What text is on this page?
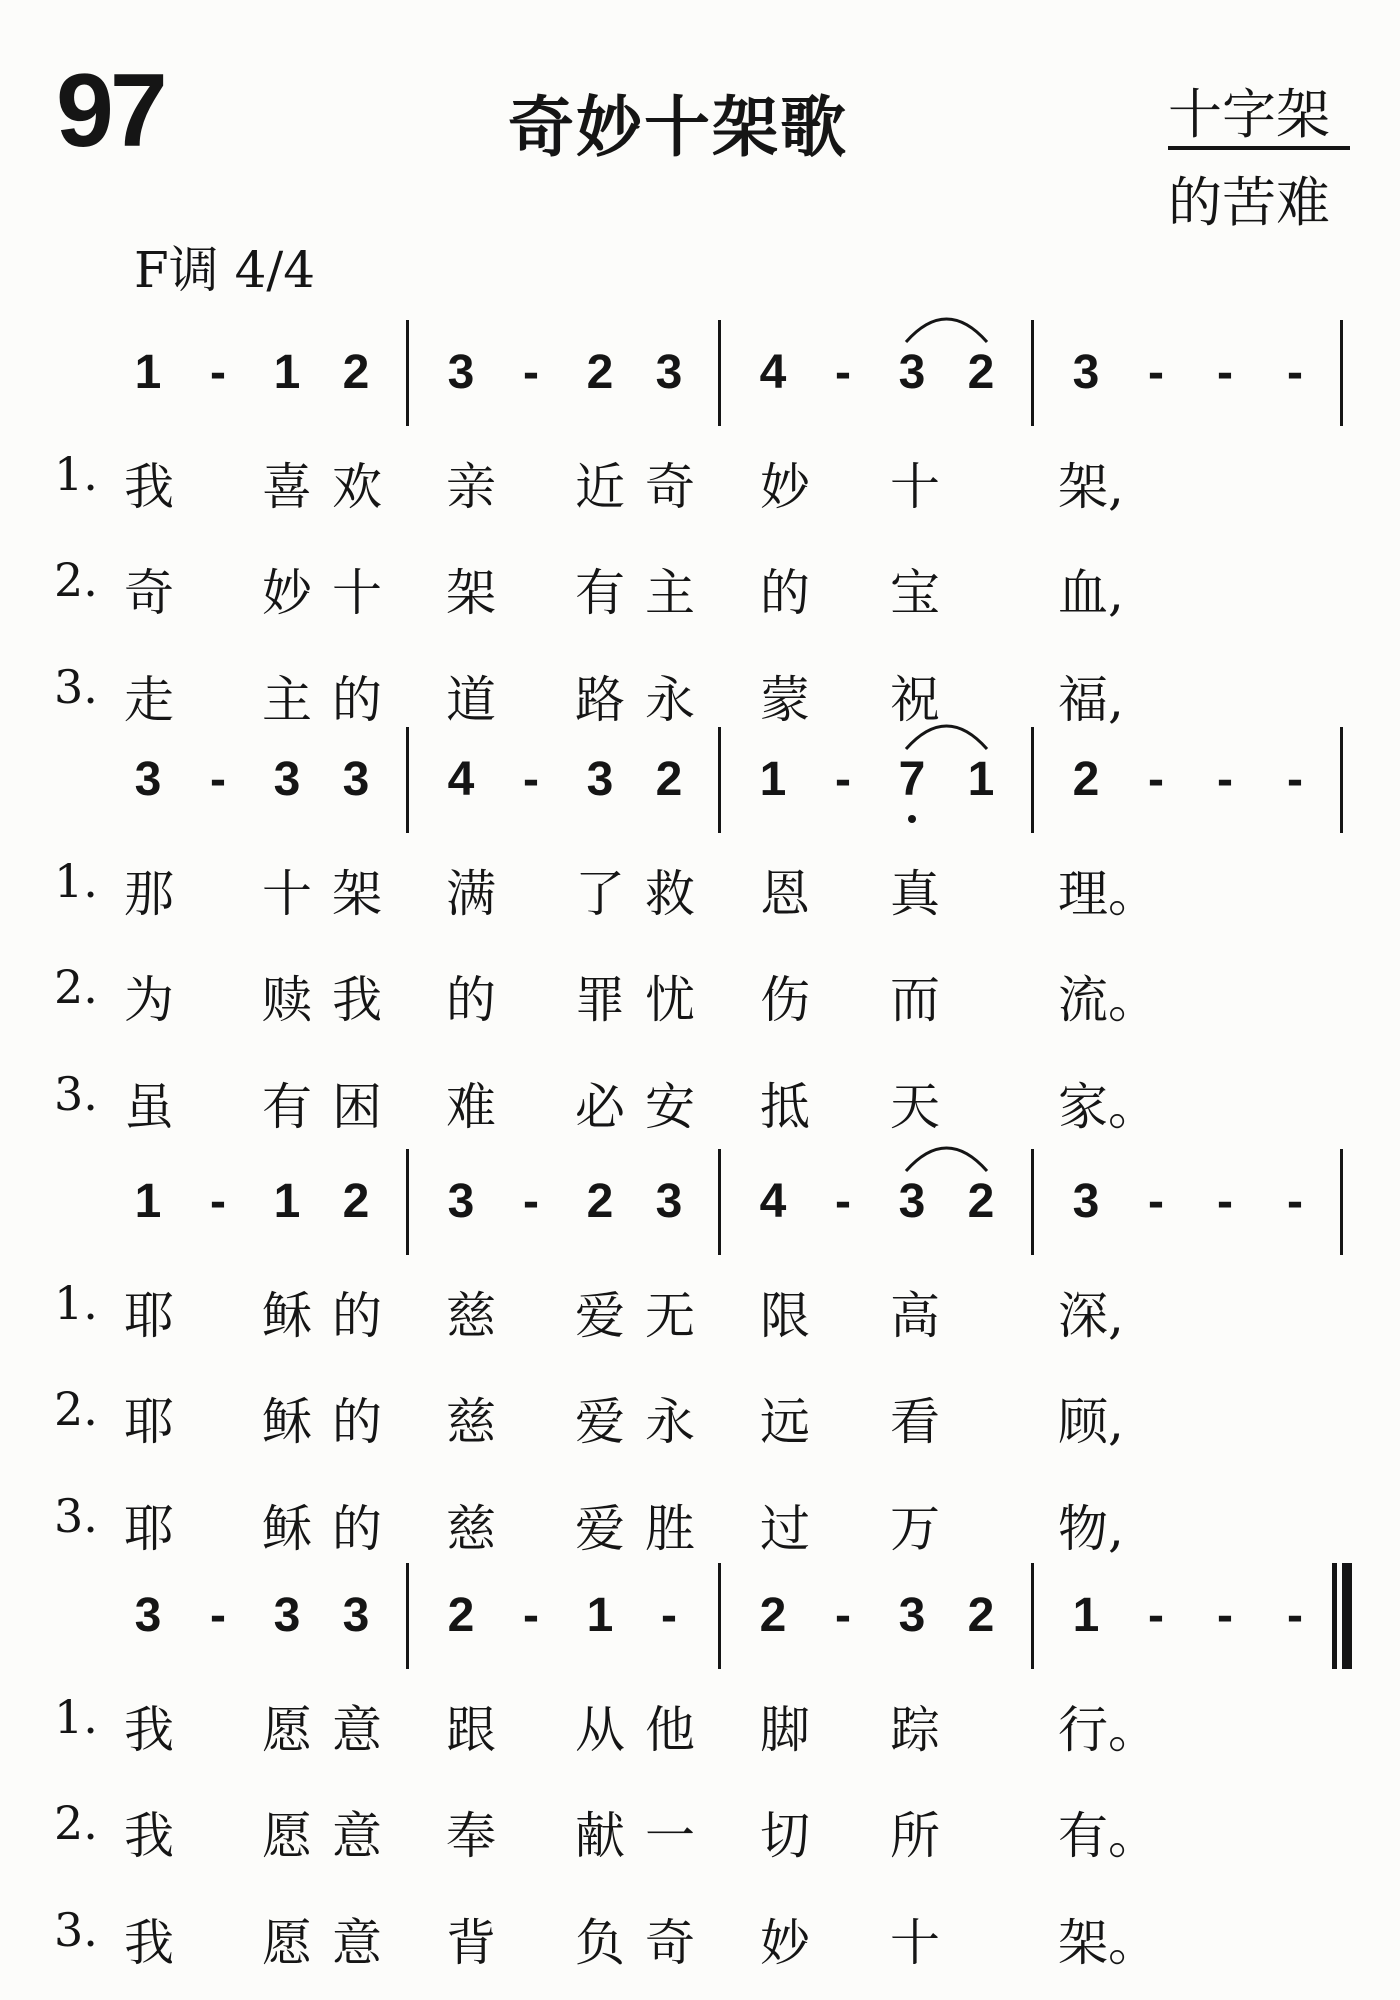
97	奇妙十架歌	十字架
的苦难
F调 4/4
1 - 1 2 3 - 2 3 4 - 3 2 3 - - -
1. 我 喜 欢 亲 近 奇 妙 十 架,
2. 奇 妙 十 架 有 主 的 宝 血,
3. 走 主 的 道 路 永 蒙 祝 福,
3 - 3 3 4 - 3 2 1 - 7 1 2 - - -
1. 那 十 架 满 了 救 恩 真 理。
2. 为 赎 我 的 罪 忧 伤 而 流。
3. 虽 有 困 难 必 安 抵 天 家。
1 - 1 2 3 - 2 3 4 - 3 2 3 - - -
1. 耶 稣 的 慈 爱 无 限 高 深,
2. 耶 稣 的 慈 爱 永 远 看 顾,
3. 耶 稣 的 慈 爱 胜 过 万 物,
3 - 3 3 2 - 1 - 2 - 3 2 1 - - -
1. 我 愿 意 跟 从 他 脚 踪 行。
2. 我 愿 意 奉 献 一 切 所 有。
3. 我 愿 意 背 负 奇 妙 十 架。
